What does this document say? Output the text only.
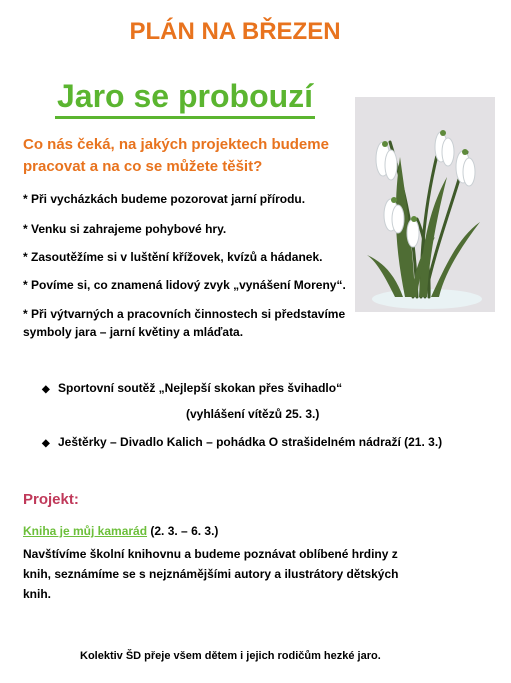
PLÁN NA BŘEZEN
Jaro se probouzí
Co nás čeká, na jakých projektech budeme pracovat a na co se můžete těšit?
* Při vycházkách budeme pozorovat jarní přírodu.
* Venku si zahrajeme pohybové hry.
* Zasoutěžíme si v luštění křížovek, kvízů a hádanek.
* Povíme si, co znamená lidový zvyk „vynášení Moreny“.
* Při výtvarných a pracovních činnostech si představíme symboly jara – jarní květiny a mláďata.
◆ Sportovní soutěž „Nejlepší skokan přes švihadlo“
(vyhlášení vítězů 25. 3.)
◆ Ještěrky – Divadlo Kalich – pohádka O strašidelném nádraží (21. 3.)
Projekt:
Kniha je můj kamarád (2. 3. – 6. 3.)
Navštívíme školní knihovnu a budeme poznávat oblíbené hrdiny z knih, seznámíme se s nejznámějšími autory a ilustrátory dětských knih.
Kolektiv ŠD přeje všem dětem i jejich rodičům hezké jaro.
